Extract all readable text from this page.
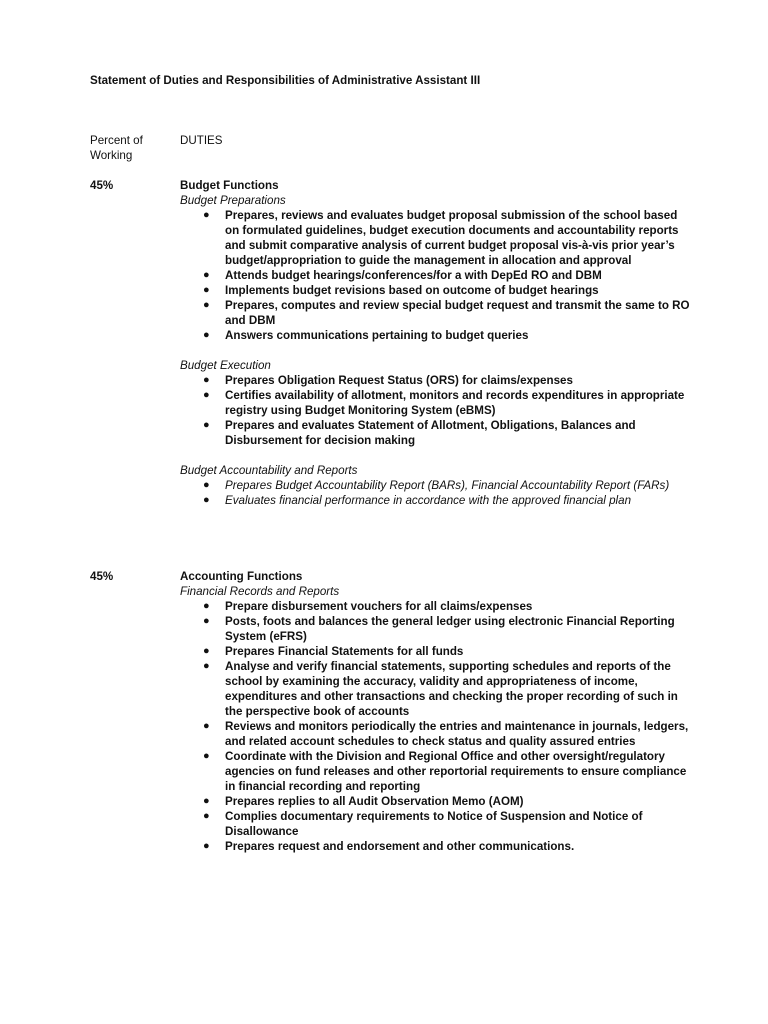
Statement of Duties and Responsibilities of Administrative Assistant III
Percent of
Working
DUTIES
45%	Budget Functions
Budget Preparations
● Prepares, reviews and evaluates budget proposal submission of the school based on formulated guidelines, budget execution documents and accountability reports and submit comparative analysis of current budget proposal vis-à-vis prior year’s budget/appropriation to guide the management in allocation and approval
● Attends budget hearings/conferences/for a with DepEd RO and DBM
● Implements budget revisions based on outcome of budget hearings
● Prepares, computes and review special budget request and transmit the same to RO and DBM
● Answers communications pertaining to budget queries
Budget Execution
● Prepares Obligation Request Status (ORS) for claims/expenses
● Certifies availability of allotment, monitors and records expenditures in appropriate registry using Budget Monitoring System (eBMS)
● Prepares and evaluates Statement of Allotment, Obligations, Balances and Disbursement for decision making
Budget Accountability and Reports
● Prepares Budget Accountability Report (BARs), Financial Accountability Report (FARs)
● Evaluates financial performance in accordance with the approved financial plan
45%	Accounting Functions
Financial Records and Reports
● Prepare disbursement vouchers for all claims/expenses
● Posts, foots and balances the general ledger using electronic Financial Reporting System (eFRS)
● Prepares Financial Statements for all funds
● Analyse and verify financial statements, supporting schedules and reports of the school by examining the accuracy, validity and appropriateness of income, expenditures and other transactions and checking the proper recording of such in the perspective book of accounts
● Reviews and monitors periodically the entries and maintenance in journals, ledgers, and related account schedules to check status and quality assured entries
● Coordinate with the Division and Regional Office and other oversight/regulatory agencies on fund releases and other reportorial requirements to ensure compliance in financial recording and reporting
● Prepares replies to all Audit Observation Memo (AOM)
● Complies documentary requirements to Notice of Suspension and Notice of Disallowance
● Prepares request and endorsement and other communications.
